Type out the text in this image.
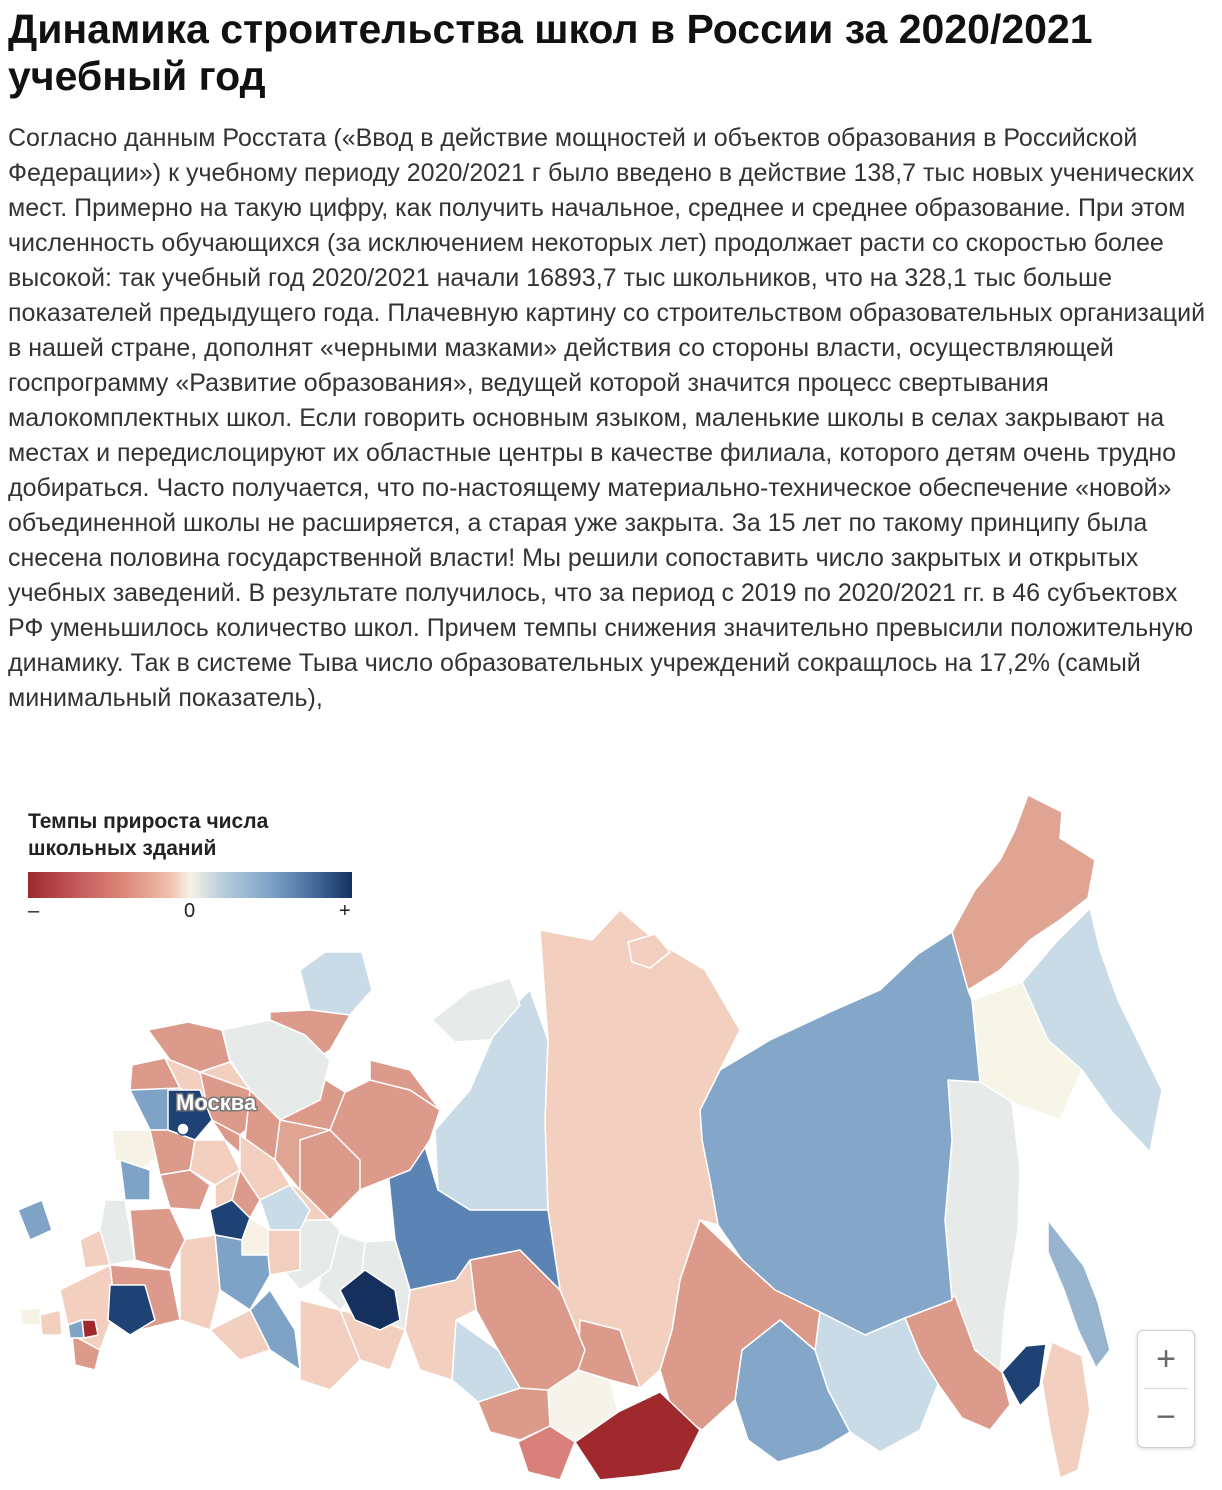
Динамика строительства школ в России за 2020/2021 учебный год

Согласно данным Росстата («Ввод в действие мощностей и объектов образования в Российской Федерации») к учебному периоду 2020/2021 г было введено в действие 138,7 тыс новых ученических мест. Примерно на такую цифру, как получить начальное, среднее и среднее образование. При этом численность обучающихся (за исключением некоторых лет) продолжает расти со скоростью более высокой: так учебный год 2020/2021 начали 16893,7 тыс школьников, что на 328,1 тыс больше показателей предыдущего года. Плачевную картину со строительством образовательных организаций в нашей стране, дополнят «черными мазками» действия со стороны власти, осуществляющей госпрограмму «Развитие образования», ведущей которой значится процесс свертывания малокомплектных школ. Если говорить основным языком, маленькие школы в селах закрывают на местах и передислоцируют их областные центры в качестве филиала, которого детям очень трудно добираться. Часто получается, что по-настоящему материально-техническое обеспечение «новой» объединенной школы не расширяется, а старая уже закрыта. За 15 лет по такому принципу была снесена половина государственной власти! Мы решили сопоставить число закрытых и открытых учебных заведений. В результате получилось, что за период с 2019 по 2020/2021 гг. в 46 субъектовх РФ уменьшилось количество школ. Причем темпы снижения значительно превысили положительную динамику. Так в системе Тыва число образовательных учреждений сокращлось на 17,2% (самый минимальный показатель),

Москва
Темпы прироста числа школьных зданий
–	0	+
+
−
